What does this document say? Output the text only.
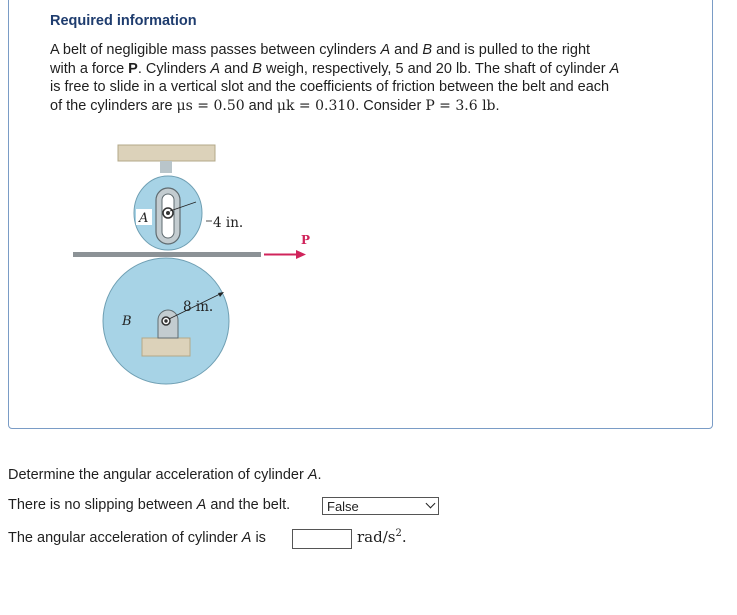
Required information
A belt of negligible mass passes between cylinders A and B and is pulled to the right
with a force P. Cylinders A and B weigh, respectively, 5 and 20 lb. The shaft of cylinder A
is free to slide in a vertical slot and the coefficients of friction between the belt and each
of the cylinders are μs = 0.50 and μk = 0.310. Consider P = 3.6 lb.
A	4 in.
P
8 in.
B
Determine the angular acceleration of cylinder A.
There is no slipping between A and the belt.	False
The angular acceleration of cylinder A is	rad/$s^2$.
